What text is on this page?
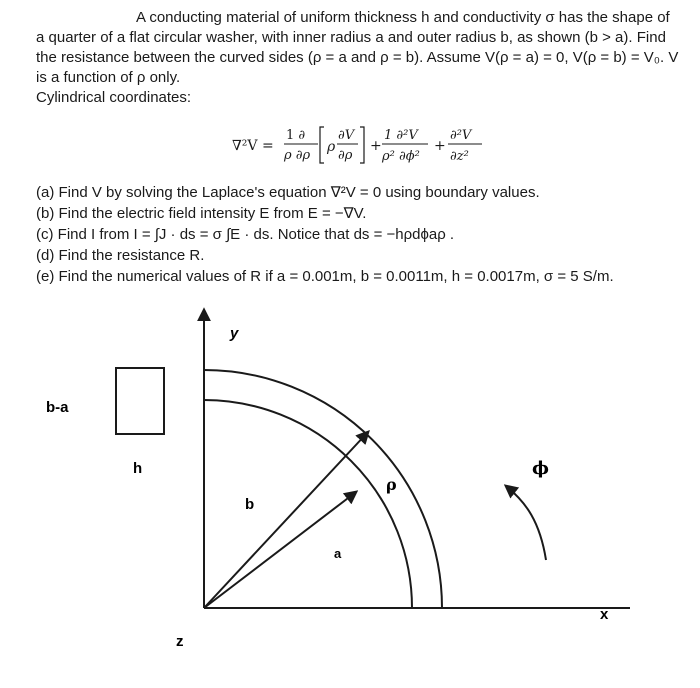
A conducting material of uniform thickness h and conductivity σ has the shape of
a quarter of a flat circular washer, with inner radius a and outer radius b, as shown (b > a). Find
the resistance between the curved sides (ρ = a and ρ = b). Assume V(ρ = a) = 0, V(ρ = b) = V₀. V
is a function of ρ only.
Cylindrical coordinates:
∇²V =
1 ∂
ρ ∂ρ
ρ
∂V
∂ρ
+
1 ∂²V
ρ² ∂ϕ²
+
∂²V
∂z²
(a) Find V by solving the Laplace's equation ∇²V = 0 using boundary values.
(b) Find the electric field intensity E from E = −∇V.
(c) Find I from I = ∫J · ds = σ ∫E · ds. Notice that ds = −hρdϕaρ .
(d) Find the resistance R.
(e) Find the numerical values of R if a = 0.001m, b = 0.0011m, h = 0.0017m, σ = 5 S/m.
y
b-a
h
b
a
ρ
ϕ
x
z
